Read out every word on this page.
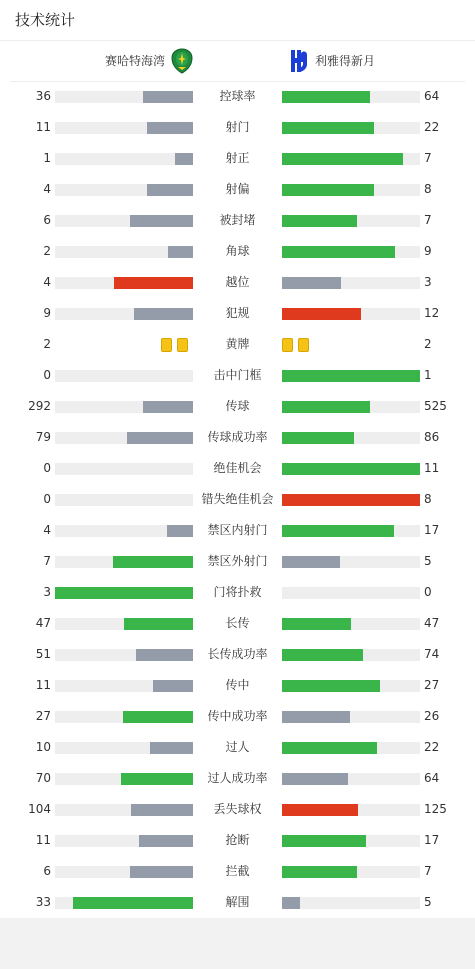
技术统计
赛哈特海湾	利雅得新月
36	控球率	64
11	射门	22
1	射正	7
4	射偏	8
6	被封堵	7
2	角球	9
4	越位	3
9	犯规	12
2	黄牌	2
0	击中门框	1
292	传球	525
79	传球成功率	86
0	绝佳机会	11
0	错失绝佳机会	8
4	禁区内射门	17
7	禁区外射门	5
3	门将扑救	0
47	长传	47
51	长传成功率	74
11	传中	27
27	传中成功率	26
10	过人	22
70	过人成功率	64
104	丢失球权	125
11	抢断	17
6	拦截	7
33	解围	5
